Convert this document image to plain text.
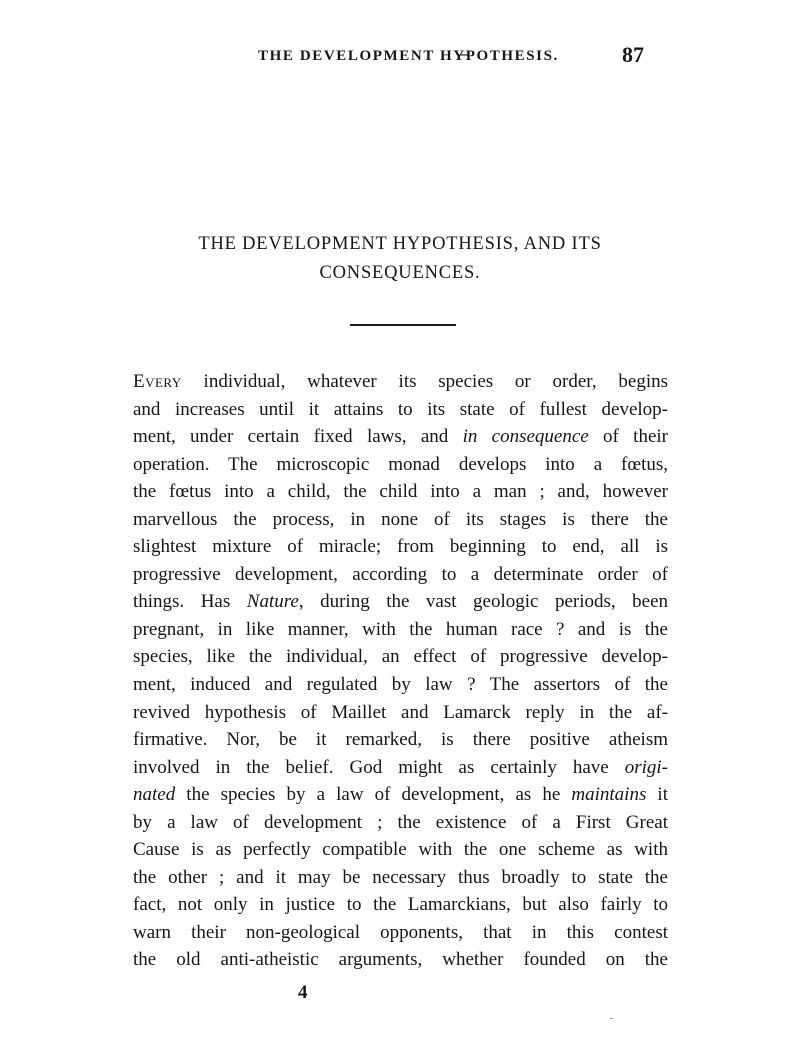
THE DEVELOPMENT HY̶POTHESIS.	87
THE DEVELOPMENT HYPOTHESIS, AND ITS
CONSEQUENCES.
Every individual, whatever its species or order, begins
and increases until it attains to its state of fullest develop-
ment, under certain fixed laws, and in consequence of their
operation. The microscopic monad develops into a fœtus,
the fœtus into a child, the child into a man ; and, however
marvellous the process, in none of its stages is there the
slightest mixture of miracle; from beginning to end, all is
progressive development, according to a determinate order of
things. Has Nature, during the vast geologic periods, been
pregnant, in like manner, with the human race ? and is the
species, like the individual, an effect of progressive develop-
ment, induced and regulated by law ? The assertors of the
revived hypothesis of Maillet and Lamarck reply in the af-
firmative. Nor, be it remarked, is there positive atheism
involved in the belief. God might as certainly have origi-
nated the species by a law of development, as he maintains it
by a law of development ; the existence of a First Great
Cause is as perfectly compatible with the one scheme as with
the other ; and it may be necessary thus broadly to state the
fact, not only in justice to the Lamarckians, but also fairly to
warn their non-geological opponents, that in this contest
the old anti-atheistic arguments, whether founded on the
4
